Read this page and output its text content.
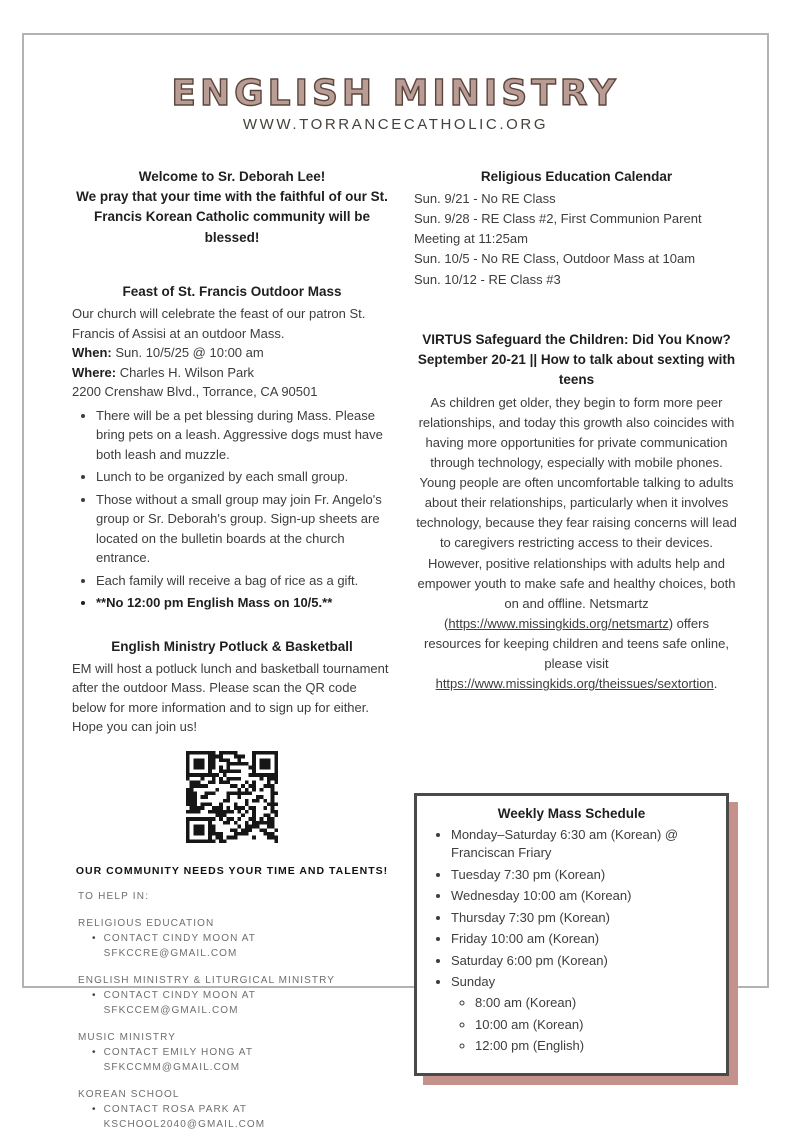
ENGLISH MINISTRY
WWW.TORRANCECATHOLIC.ORG
Welcome to Sr. Deborah Lee!
We pray that your time with the faithful of our St. Francis Korean Catholic community will be blessed!
Feast of St. Francis Outdoor Mass
Our church will celebrate the feast of our patron St. Francis of Assisi at an outdoor Mass.
When: Sun. 10/5/25 @ 10:00 am
Where: Charles H. Wilson Park
2200 Crenshaw Blvd., Torrance, CA 90501
• There will be a pet blessing during Mass. Please bring pets on a leash. Aggressive dogs must have both leash and muzzle.
• Lunch to be organized by each small group.
• Those without a small group may join Fr. Angelo's group or Sr. Deborah's group. Sign-up sheets are located on the bulletin boards at the church entrance.
• Each family will receive a bag of rice as a gift.
• **No 12:00 pm English Mass on 10/5.**
English Ministry Potluck & Basketball
EM will host a potluck lunch and basketball tournament after the outdoor Mass. Please scan the QR code below for more information and to sign up for either. Hope you can join us!
OUR COMMUNITY NEEDS YOUR TIME AND TALENTS!
TO HELP IN:
RELIGIOUS EDUCATION
• CONTACT CINDY MOON AT SFKCCRE@GMAIL.COM
ENGLISH MINISTRY & LITURGICAL MINISTRY
• CONTACT CINDY MOON AT SFKCCEM@GMAIL.COM
MUSIC MINISTRY
• CONTACT EMILY HONG AT SFKCCMM@GMAIL.COM
KOREAN SCHOOL
• CONTACT ROSA PARK AT KSCHOOL2040@GMAIL.COM
Religious Education Calendar
Sun. 9/21 - No RE Class
Sun. 9/28 - RE Class #2, First Communion Parent Meeting at 11:25am
Sun. 10/5 - No RE Class, Outdoor Mass at 10am
Sun. 10/12 - RE Class #3
VIRTUS Safeguard the Children: Did You Know? September 20-21 || How to talk about sexting with teens

As children get older, they begin to form more peer relationships, and today this growth also coincides with having more opportunities for private communication through technology, especially with mobile phones. Young people are often uncomfortable talking to adults about their relationships, particularly when it involves technology, because they fear raising concerns will lead to caregivers restricting access to their devices. However, positive relationships with adults help and empower youth to make safe and healthy choices, both on and offline. Netsmartz (https://www.missingkids.org/netsmartz) offers resources for keeping children and teens safe online, please visit https://www.missingkids.org/theissues/sextortion.

Weekly Mass Schedule
• Monday–Saturday 6:30 am (Korean) @ Franciscan Friary
• Tuesday 7:30 pm (Korean)
• Wednesday 10:00 am (Korean)
• Thursday 7:30 pm (Korean)
• Friday 10:00 am (Korean)
• Saturday 6:00 pm (Korean)
• Sunday
◦ 8:00 am (Korean)
◦ 10:00 am (Korean)
◦ 12:00 pm (English)
